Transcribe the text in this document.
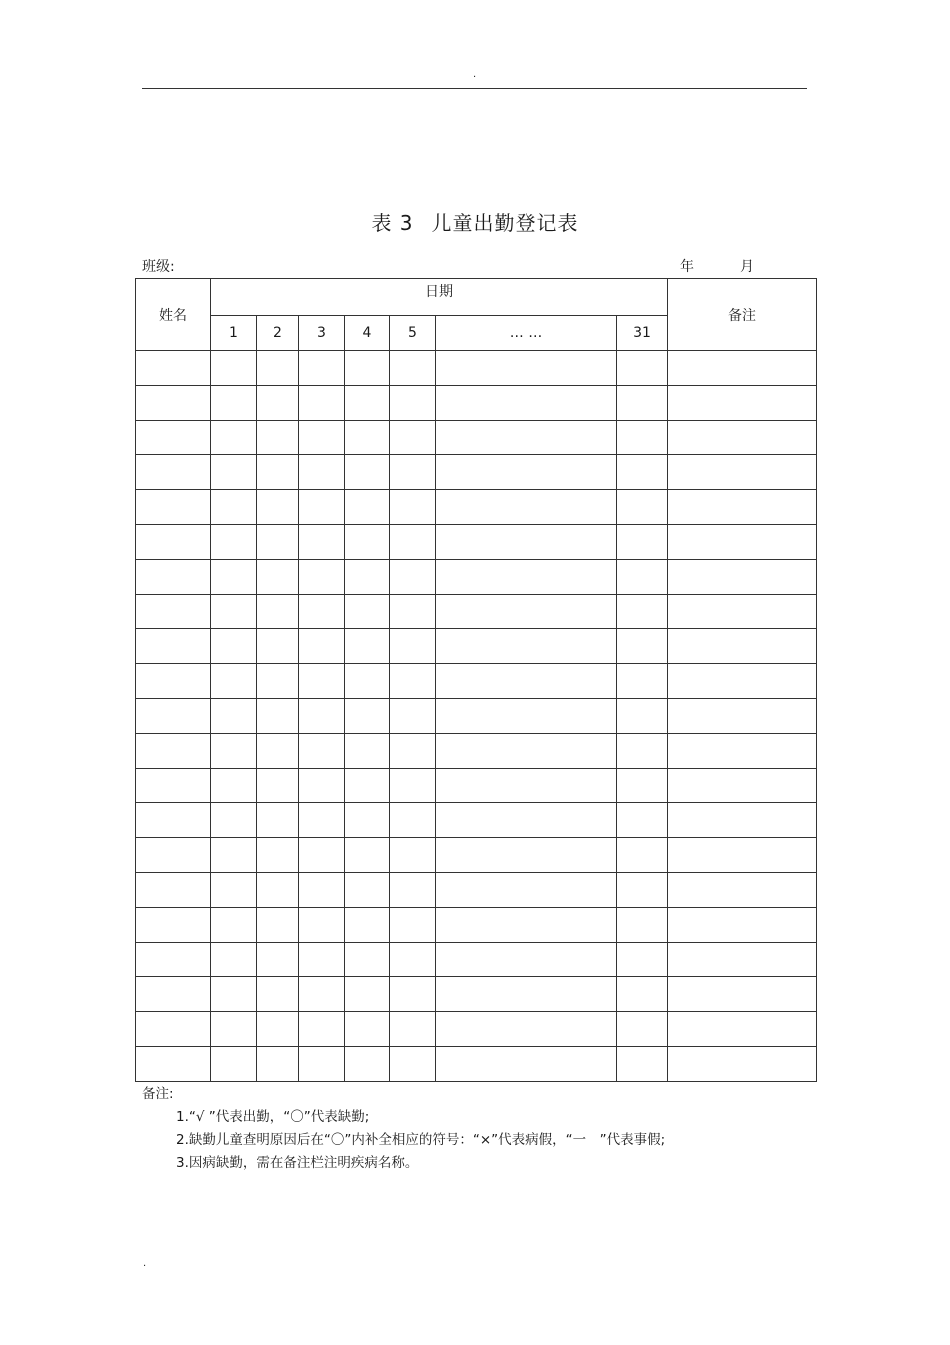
.
表 3 儿童出勤登记表
班级:	年	月
姓名	日期							备注
	1	2	3	4	5	… …	31	

备注:
1.“√ ”代表出勤，“〇”代表缺勤;
2.缺勤儿童查明原因后在“〇”内补全相应的符号：“×”代表病假，“一　”代表事假;
3.因病缺勤，需在备注栏注明疾病名称。
.
